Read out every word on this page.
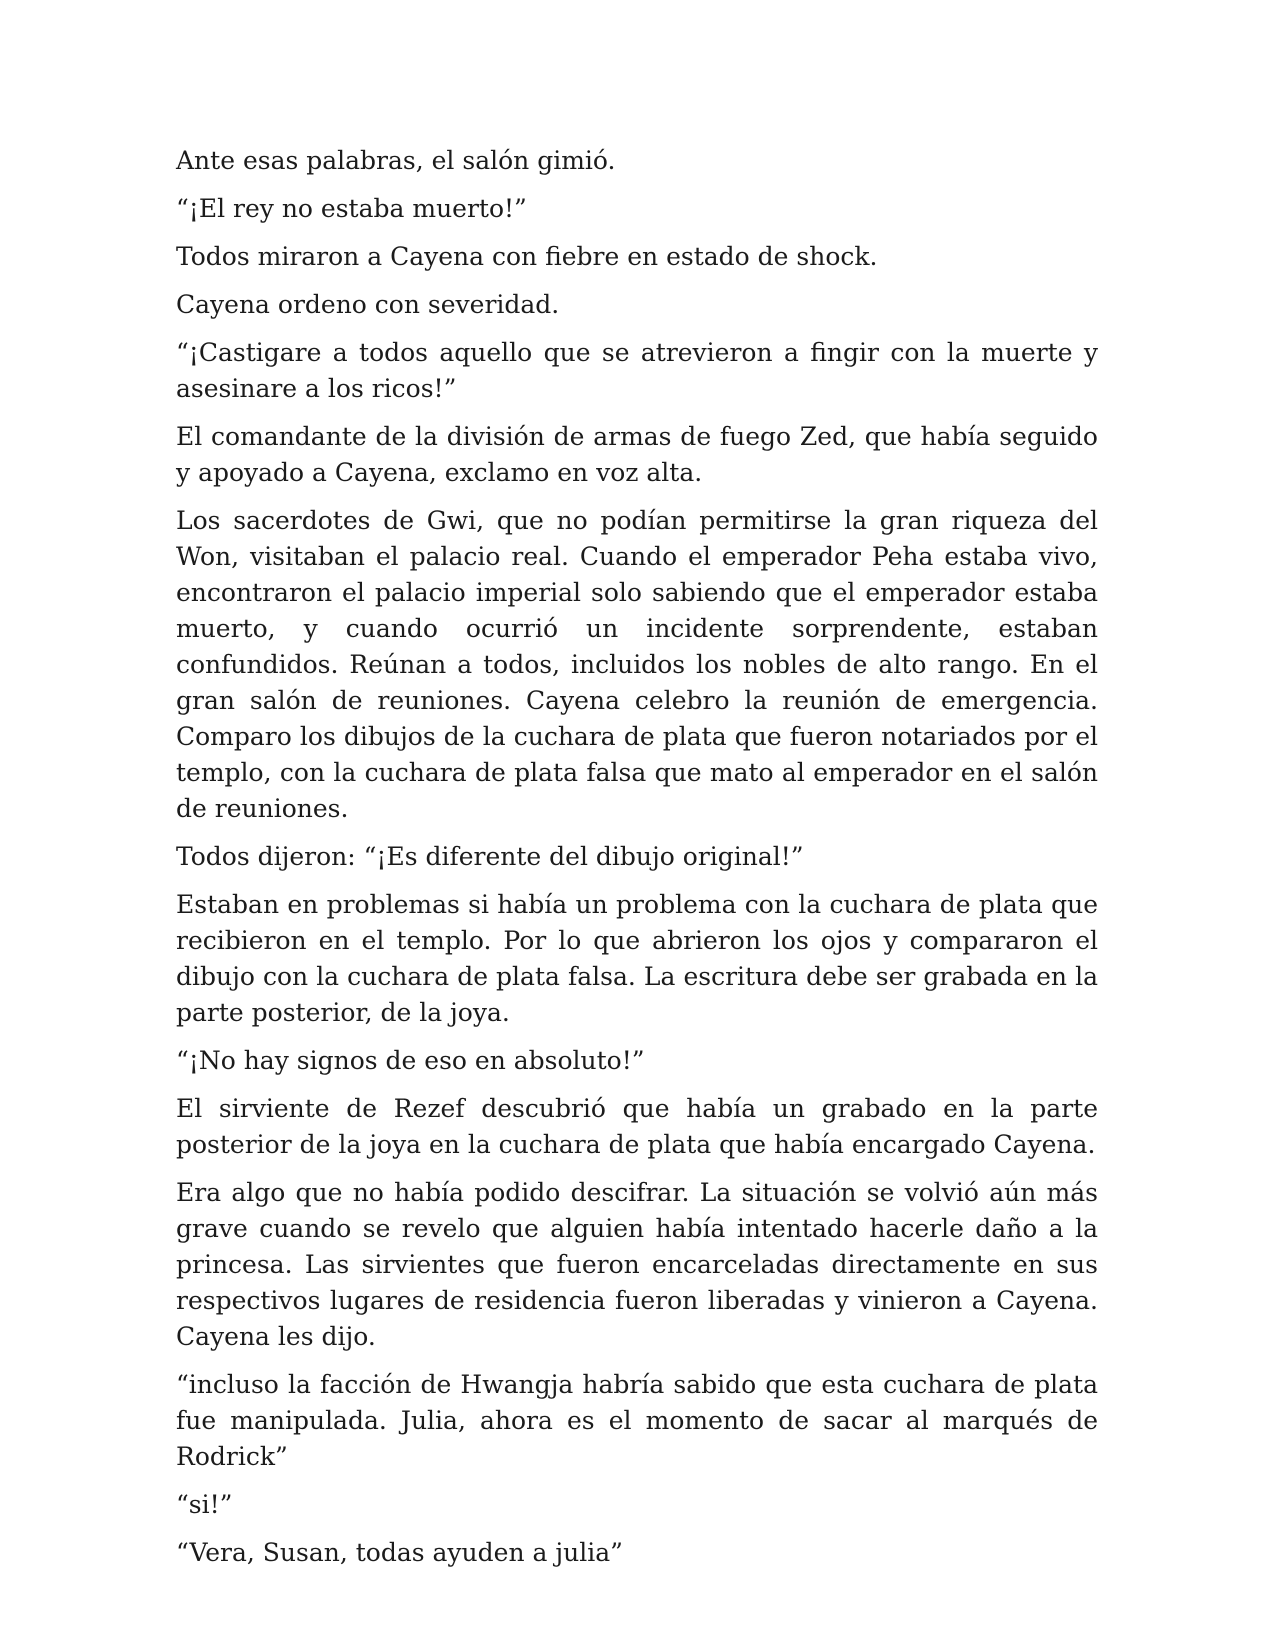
Ante esas palabras, el salón gimió.

“¡El rey no estaba muerto!”

Todos miraron a Cayena con fiebre en estado de shock.

Cayena ordeno con severidad.

“¡Castigare a todos aquello que se atrevieron a fingir con la muerte y asesinare a los ricos!”

El comandante de la división de armas de fuego Zed, que había seguido y apoyado a Cayena, exclamo en voz alta.

Los sacerdotes de Gwi, que no podían permitirse la gran riqueza del Won, visitaban el palacio real. Cuando el emperador Peha estaba vivo, encontraron el palacio imperial solo sabiendo que el emperador estaba muerto, y cuando ocurrió un incidente sorprendente, estaban confundidos. Reúnan a todos, incluidos los nobles de alto rango. En el gran salón de reuniones. Cayena celebro la reunión de emergencia. Comparo los dibujos de la cuchara de plata que fueron notariados por el templo, con la cuchara de plata falsa que mato al emperador en el salón de reuniones.

Todos dijeron: “¡Es diferente del dibujo original!”

Estaban en problemas si había un problema con la cuchara de plata que recibieron en el templo. Por lo que abrieron los ojos y compararon el dibujo con la cuchara de plata falsa. La escritura debe ser grabada en la parte posterior, de la joya.

“¡No hay signos de eso en absoluto!”

El sirviente de Rezef descubrió que había un grabado en la parte posterior de la joya en la cuchara de plata que había encargado Cayena.

Era algo que no había podido descifrar. La situación se volvió aún más grave cuando se revelo que alguien había intentado hacerle daño a la princesa. Las sirvientes que fueron encarceladas directamente en sus respectivos lugares de residencia fueron liberadas y vinieron a Cayena. Cayena les dijo.

“incluso la facción de Hwangja habría sabido que esta cuchara de plata fue manipulada. Julia, ahora es el momento de sacar al marqués de Rodrick”

“si!”

“Vera, Susan, todas ayuden a julia”
